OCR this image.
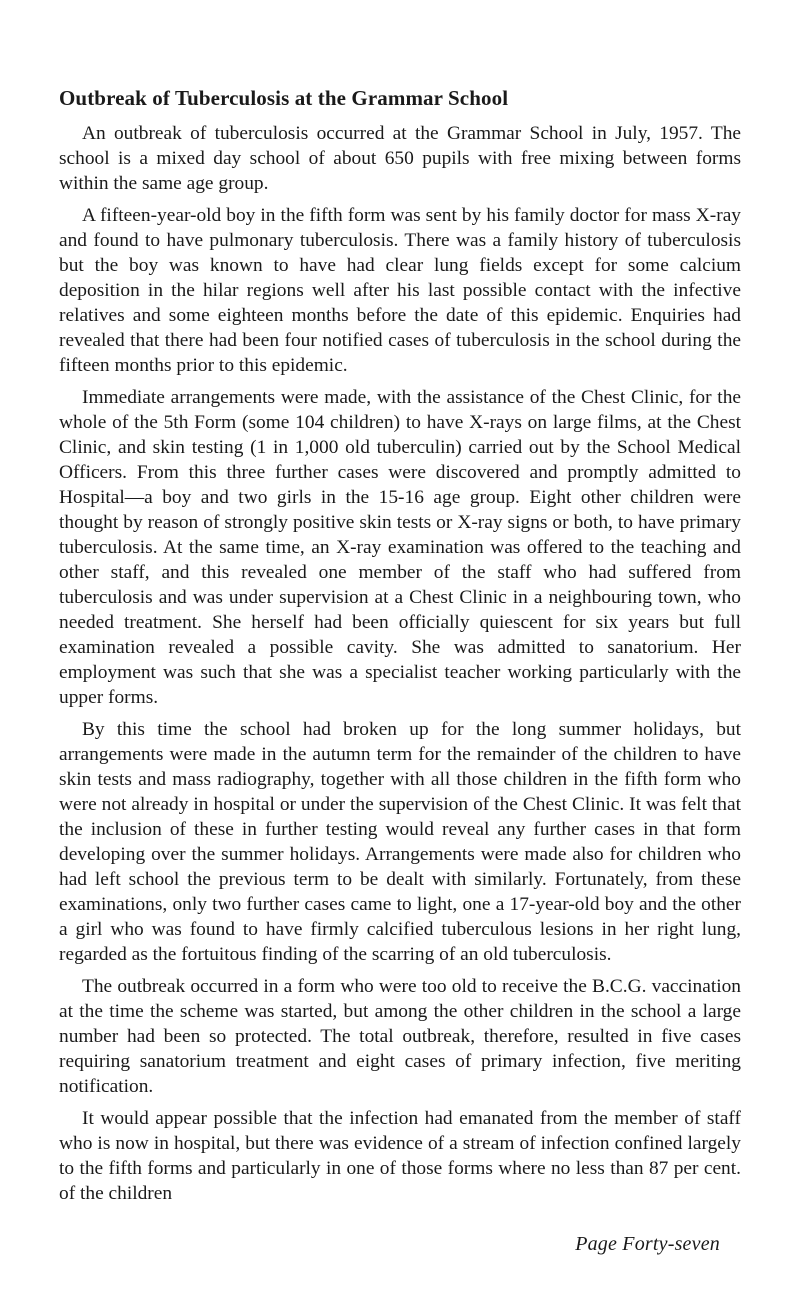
Outbreak of Tuberculosis at the Grammar School

An outbreak of tuberculosis occurred at the Grammar School in July, 1957. The school is a mixed day school of about 650 pupils with free mixing between forms within the same age group.

A fifteen-year-old boy in the fifth form was sent by his family doctor for mass X-ray and found to have pulmonary tuberculosis. There was a family history of tuberculosis but the boy was known to have had clear lung fields except for some calcium deposition in the hilar regions well after his last possible contact with the infective relatives and some eighteen months before the date of this epidemic. Enquiries had revealed that there had been four notified cases of tuberculosis in the school during the fifteen months prior to this epidemic.

Immediate arrangements were made, with the assistance of the Chest Clinic, for the whole of the 5th Form (some 104 children) to have X-rays on large films, at the Chest Clinic, and skin testing (1 in 1,000 old tuberculin) carried out by the School Medical Officers. From this three further cases were discovered and promptly admitted to Hospital—a boy and two girls in the 15-16 age group. Eight other children were thought by reason of strongly positive skin tests or X-ray signs or both, to have primary tuberculosis. At the same time, an X-ray examination was offered to the teaching and other staff, and this revealed one member of the staff who had suffered from tuberculosis and was under supervision at a Chest Clinic in a neighbouring town, who needed treatment. She herself had been officially quiescent for six years but full examination revealed a possible cavity. She was admitted to sanatorium. Her employment was such that she was a specialist teacher working particularly with the upper forms.

By this time the school had broken up for the long summer holidays, but arrangements were made in the autumn term for the remainder of the children to have skin tests and mass radiography, together with all those children in the fifth form who were not already in hospital or under the supervision of the Chest Clinic. It was felt that the inclusion of these in further testing would reveal any further cases in that form developing over the summer holidays. Arrangements were made also for children who had left school the previous term to be dealt with similarly. Fortunately, from these examinations, only two further cases came to light, one a 17-year-old boy and the other a girl who was found to have firmly calcified tuberculous lesions in her right lung, regarded as the fortuitous finding of the scarring of an old tuberculosis.

The outbreak occurred in a form who were too old to receive the B.C.G. vaccination at the time the scheme was started, but among the other children in the school a large number had been so protected. The total outbreak, therefore, resulted in five cases requiring sanatorium treatment and eight cases of primary infection, five meriting notification.

It would appear possible that the infection had emanated from the member of staff who is now in hospital, but there was evidence of a stream of infection confined largely to the fifth forms and particularly in one of those forms where no less than 87 per cent. of the children

Page Forty-seven
